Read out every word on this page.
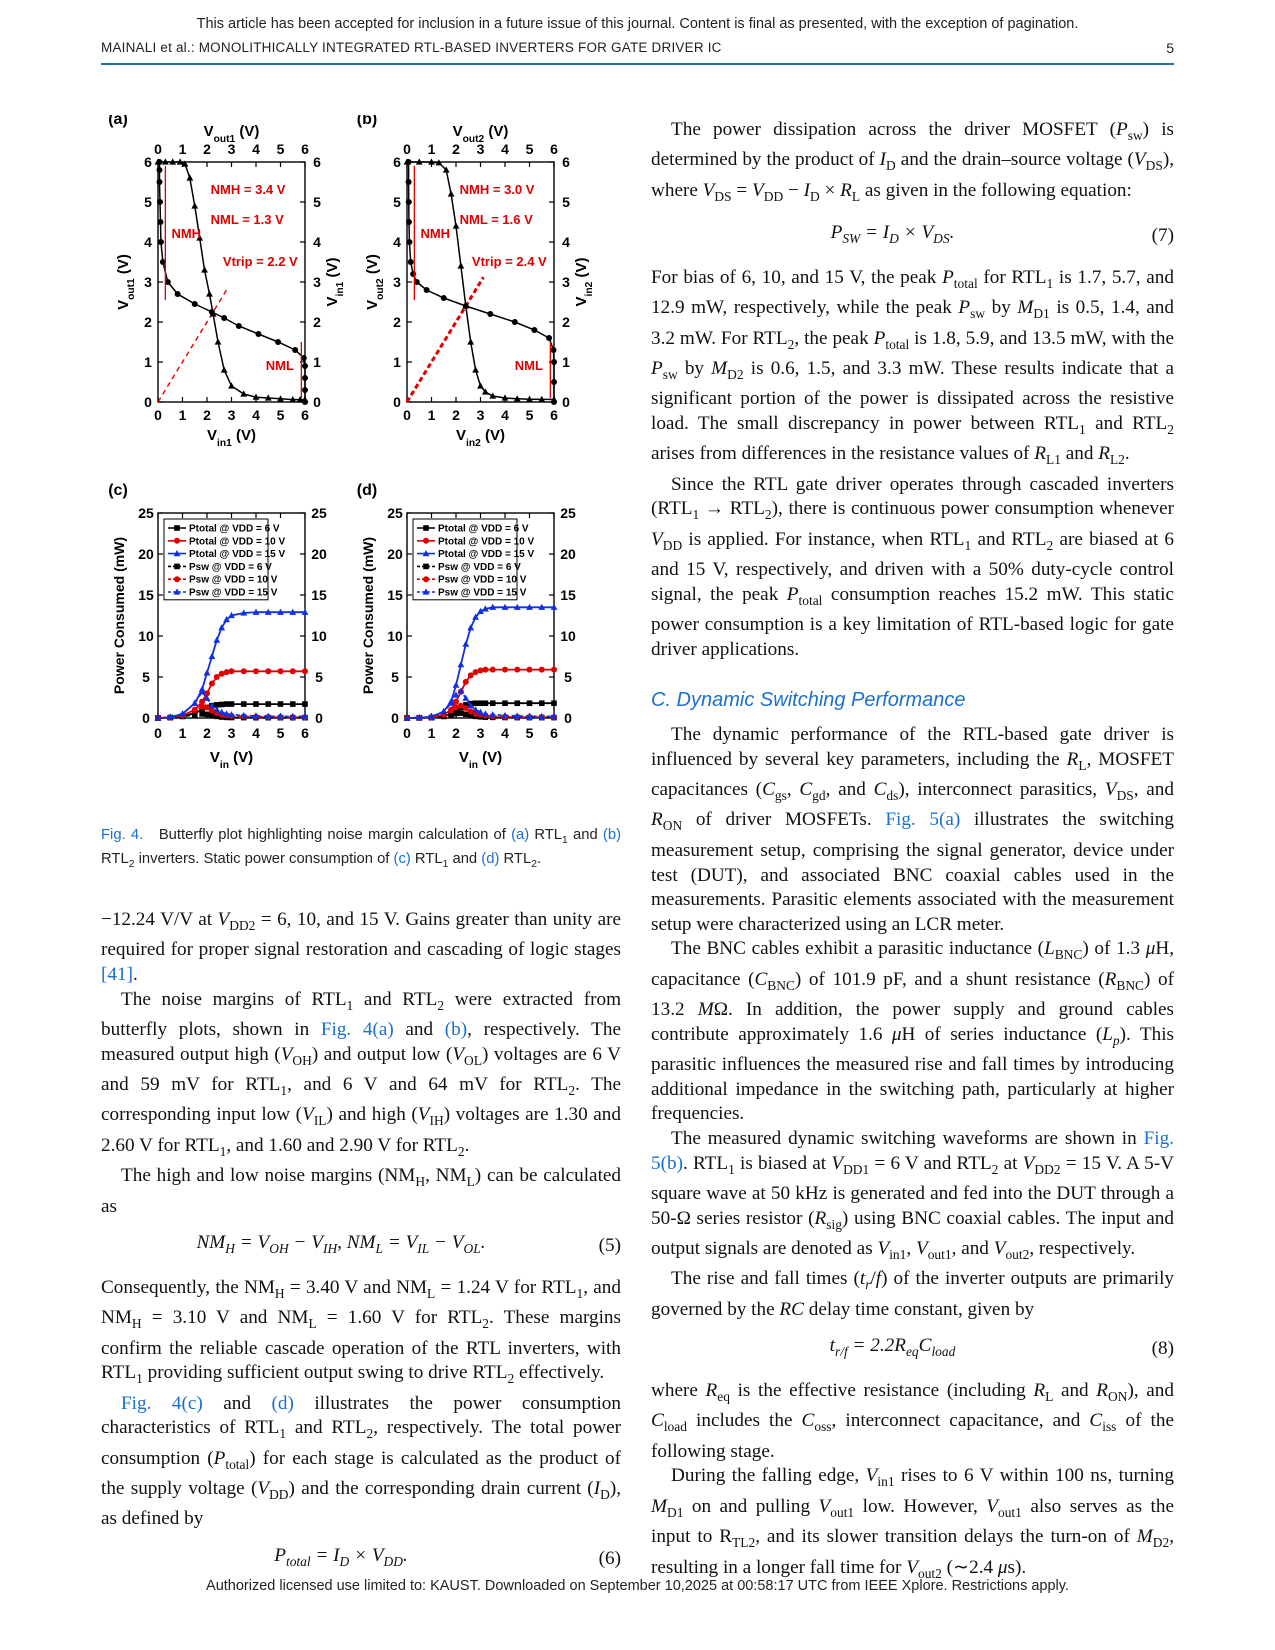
This article has been accepted for inclusion in a future issue of this journal. Content is final as presented, with the exception of pagination.
MAINALI et al.: MONOLITHICALLY INTEGRATED RTL-BASED INVERTERS FOR GATE DRIVER IC	5
(a)
0
0
0	0
1
1
1	1
2
2
2	2
3
3
3	3
4
4
4	4
5
5
5	5
6
6
6	6
NMH
NML
NMH = 3.4 V
NML = 1.3 V
Vtrip = 2.2 V
$V_{in1}$ (V)
$V_{out1}$ (V)
$V_{out1}$ (V)
$V_{in1}$ (V)
(b)
0
0
0	0
1
1
1	1
2
2
2	2
3
3
3	3
4
4
4	4
5
5
5	5
6
6
6	6
NMH
NML
NMH = 3.0 V
NML = 1.6 V
Vtrip = 2.4 V
$V_{in2}$ (V)
$V_{out2}$ (V)
$V_{out2}$ (V)
$V_{in2}$ (V)
(c)
0 1 2 3 4 5 6
0	0
5	5
10	10
15	15
20	20
25	25
Ptotal @ VDD = 6 V
Ptotal @ VDD = 10 V
Ptotal @ VDD = 15 V
Psw @ VDD = 6 V
Psw @ VDD = 10 V
Psw @ VDD = 15 V
$V_{in}$ (V)
Power Consumed (mW)
(d)
0 1 2 3 4 5 6
0	0
5	5
10	10
15	15
20	20
25	25
Ptotal @ VDD = 6 V
Ptotal @ VDD = 10 V
Ptotal @ VDD = 15 V
Psw @ VDD = 6 V
Psw @ VDD = 10 V
Psw @ VDD = 15 V
$V_{in}$ (V)
Power Consumed (mW)
Fig. 4.   Butterfly plot highlighting noise margin calculation of (a) $RTL_1$ and (b) $RTL_2$ inverters. Static power consumption of (c) $RTL_1$ and (d) $RTL_2$.

−12.24 V/V at $V_{DD2} = 6$, 10, and 15 V. Gains greater than unity are required for proper signal restoration and cascading of logic stages [41].

The noise margins of $RTL_1$ and $RTL_2$ were extracted from butterfly plots, shown in Fig. 4(a) and (b), respectively. The measured output high $(V_{OH})$ and output low $(V_{OL})$ voltages are 6 V and 59 mV for $RTL_1$, and 6 V and 64 mV for $RTL_2$. The corresponding input low $(V_{IL})$ and high $(V_{IH})$ voltages are 1.30 and 2.60 V for $RTL_1$, and 1.60 and 2.90 V for $RTL_2$.

The high and low noise margins ($NM_H$, $NM_L$) can be calculated as

$NM_H = V_{OH} - V_{IH}$, $NM_L = V_{IL} - V_{OL}$.	(5)

Consequently, the $NM_H = 3.40$ V and $NM_L = 1.24$ V for $RTL_1$, and $NM_H = 3.10$ V and $NM_L = 1.60$ V for $RTL_2$. These margins confirm the reliable cascade operation of the RTL inverters, with $RTL_1$ providing sufficient output swing to drive $RTL_2$ effectively.

Fig. 4(c) and (d) illustrates the power consumption characteristics of $RTL_1$ and $RTL_2$, respectively. The total power consumption $(P_{total})$ for each stage is calculated as the product of the supply voltage $(V_{DD})$ and the corresponding drain current $(I_D)$, as defined by

$P_{total} = I_D \times V_{DD}$.	(6)

The power dissipation across the driver MOSFET $(P_{sw})$ is determined by the product of $I_D$ and the drain–source voltage $(V_{DS})$, where $V_{DS} = V_{DD} - I_D \times R_L$ as given in the following equation:

$P_{SW} = I_D \times V_{DS}$.	(7)

For bias of 6, 10, and 15 V, the peak $P_{total}$ for $RTL_1$ is 1.7, 5.7, and 12.9 mW, respectively, while the peak $P_{sw}$ by $M_{D1}$ is 0.5, 1.4, and 3.2 mW. For $RTL_2$, the peak $P_{total}$ is 1.8, 5.9, and 13.5 mW, with the $P_{sw}$ by $M_{D2}$ is 0.6, 1.5, and 3.3 mW. These results indicate that a significant portion of the power is dissipated across the resistive load. The small discrepancy in power between $RTL_1$ and $RTL_2$ arises from differences in the resistance values of $R_{L1}$ and $R_{L2}$.

Since the RTL gate driver operates through cascaded inverters $(RTL_1 \to RTL_2)$, there is continuous power consumption whenever $V_{DD}$ is applied. For instance, when $RTL_1$ and $RTL_2$ are biased at 6 and 15 V, respectively, and driven with a 50% duty-cycle control signal, the peak $P_{total}$ consumption reaches 15.2 mW. This static power consumption is a key limitation of RTL-based logic for gate driver applications.

C. Dynamic Switching Performance

The dynamic performance of the RTL-based gate driver is influenced by several key parameters, including the $R_L$, MOSFET capacitances ($C_{gs}$, $C_{gd}$, and $C_{ds}$), interconnect parasitics, $V_{DS}$, and $R_{ON}$ of driver MOSFETs. Fig. 5(a) illustrates the switching measurement setup, comprising the signal generator, device under test (DUT), and associated BNC coaxial cables used in the measurements. Parasitic elements associated with the measurement setup were characterized using an LCR meter.

The BNC cables exhibit a parasitic inductance $(L_{BNC})$ of 1.3 μH, capacitance $(C_{BNC})$ of 101.9 pF, and a shunt resistance $(R_{BNC})$ of 13.2 MΩ. In addition, the power supply and ground cables contribute approximately 1.6 μH of series inductance $(L_p)$. This parasitic influences the measured rise and fall times by introducing additional impedance in the switching path, particularly at higher frequencies.

The measured dynamic switching waveforms are shown in Fig. 5(b). $RTL_1$ is biased at $V_{DD1} = 6$ V and $RTL_2$ at $V_{DD2} = 15$ V. A 5-V square wave at 50 kHz is generated and fed into the DUT through a 50-Ω series resistor $(R_{sig})$ using BNC coaxial cables. The input and output signals are denoted as $V_{in1}$, $V_{out1}$, and $V_{out2}$, respectively.

The rise and fall times $(t_r/f)$ of the inverter outputs are primarily governed by the RC delay time constant, given by

$t_{r/f} = 2.2R_{eq}C_{load}$	(8)

where $R_{eq}$ is the effective resistance (including $R_L$ and $R_{ON}$), and $C_{load}$ includes the $C_{oss}$, interconnect capacitance, and $C_{iss}$ of the following stage.

During the falling edge, $V_{in1}$ rises to 6 V within 100 ns, turning $M_{D1}$ on and pulling $V_{out1}$ low. However, $V_{out1}$ also serves as the input to $R_{TL2}$, and its slower transition delays the turn-on of $M_{D2}$, resulting in a longer fall time for $V_{out2}$ (∼2.4 μs).

Authorized licensed use limited to: KAUST. Downloaded on September 10,2025 at 00:58:17 UTC from IEEE Xplore. Restrictions apply.
